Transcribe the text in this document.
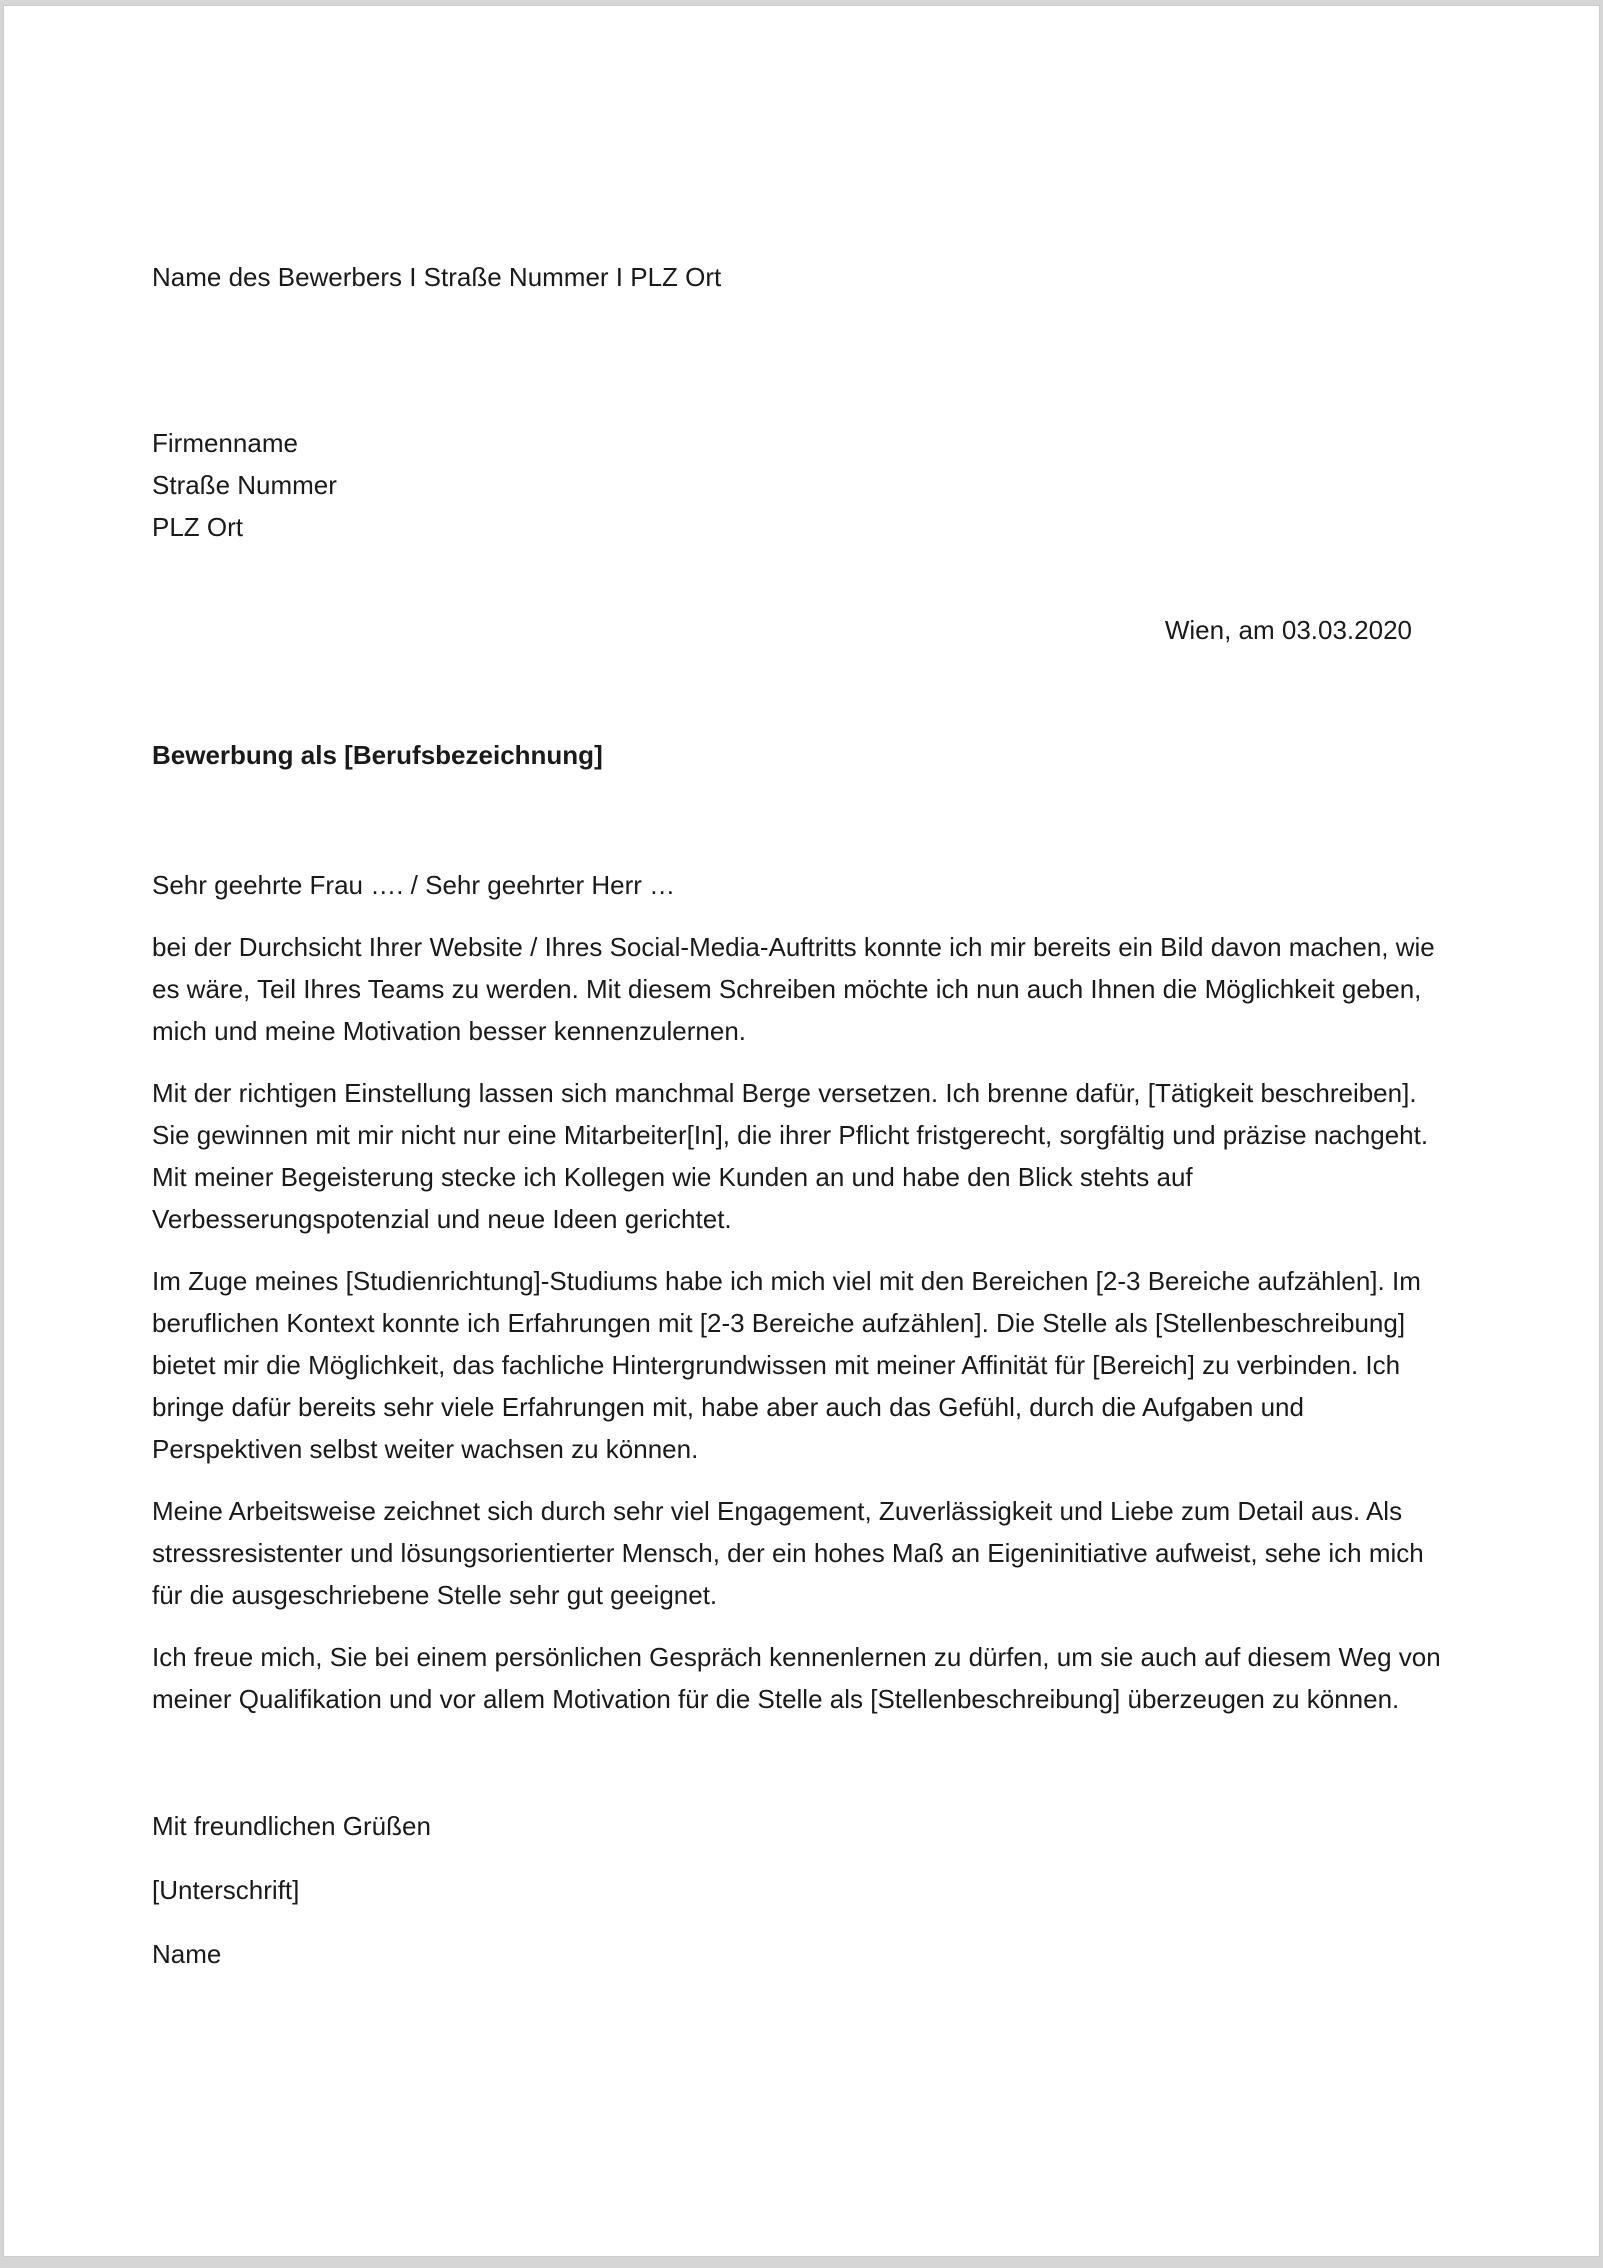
Name des Bewerbers I Straße Nummer I PLZ Ort
Firmenname
Straße Nummer
PLZ Ort
Wien, am 03.03.2020
Bewerbung als [Berufsbezeichnung]
Sehr geehrte Frau …. / Sehr geehrter Herr …

bei der Durchsicht Ihrer Website / Ihres Social-Media-Auftritts konnte ich mir bereits ein Bild davon machen, wie es wäre, Teil Ihres Teams zu werden. Mit diesem Schreiben möchte ich nun auch Ihnen die Möglichkeit geben, mich und meine Motivation besser kennenzulernen.

Mit der richtigen Einstellung lassen sich manchmal Berge versetzen. Ich brenne dafür, [Tätigkeit beschreiben]. Sie gewinnen mit mir nicht nur eine Mitarbeiter[In], die ihrer Pflicht fristgerecht, sorgfältig und präzise nachgeht. Mit meiner Begeisterung stecke ich Kollegen wie Kunden an und habe den Blick stehts auf Verbesserungspotenzial und neue Ideen gerichtet.

Im Zuge meines [Studienrichtung]-Studiums habe ich mich viel mit den Bereichen [2-3 Bereiche aufzählen]. Im beruflichen Kontext konnte ich Erfahrungen mit [2-3 Bereiche aufzählen]. Die Stelle als [Stellenbeschreibung] bietet mir die Möglichkeit, das fachliche Hintergrundwissen mit meiner Affinität für [Bereich] zu verbinden. Ich bringe dafür bereits sehr viele Erfahrungen mit, habe aber auch das Gefühl, durch die Aufgaben und Perspektiven selbst weiter wachsen zu können.

Meine Arbeitsweise zeichnet sich durch sehr viel Engagement, Zuverlässigkeit und Liebe zum Detail aus. Als stressresistenter und lösungsorientierter Mensch, der ein hohes Maß an Eigeninitiative aufweist, sehe ich mich für die ausgeschriebene Stelle sehr gut geeignet.

Ich freue mich, Sie bei einem persönlichen Gespräch kennenlernen zu dürfen, um sie auch auf diesem Weg von meiner Qualifikation und vor allem Motivation für die Stelle als [Stellenbeschreibung] überzeugen zu können.

Mit freundlichen Grüßen
[Unterschrift]
Name
